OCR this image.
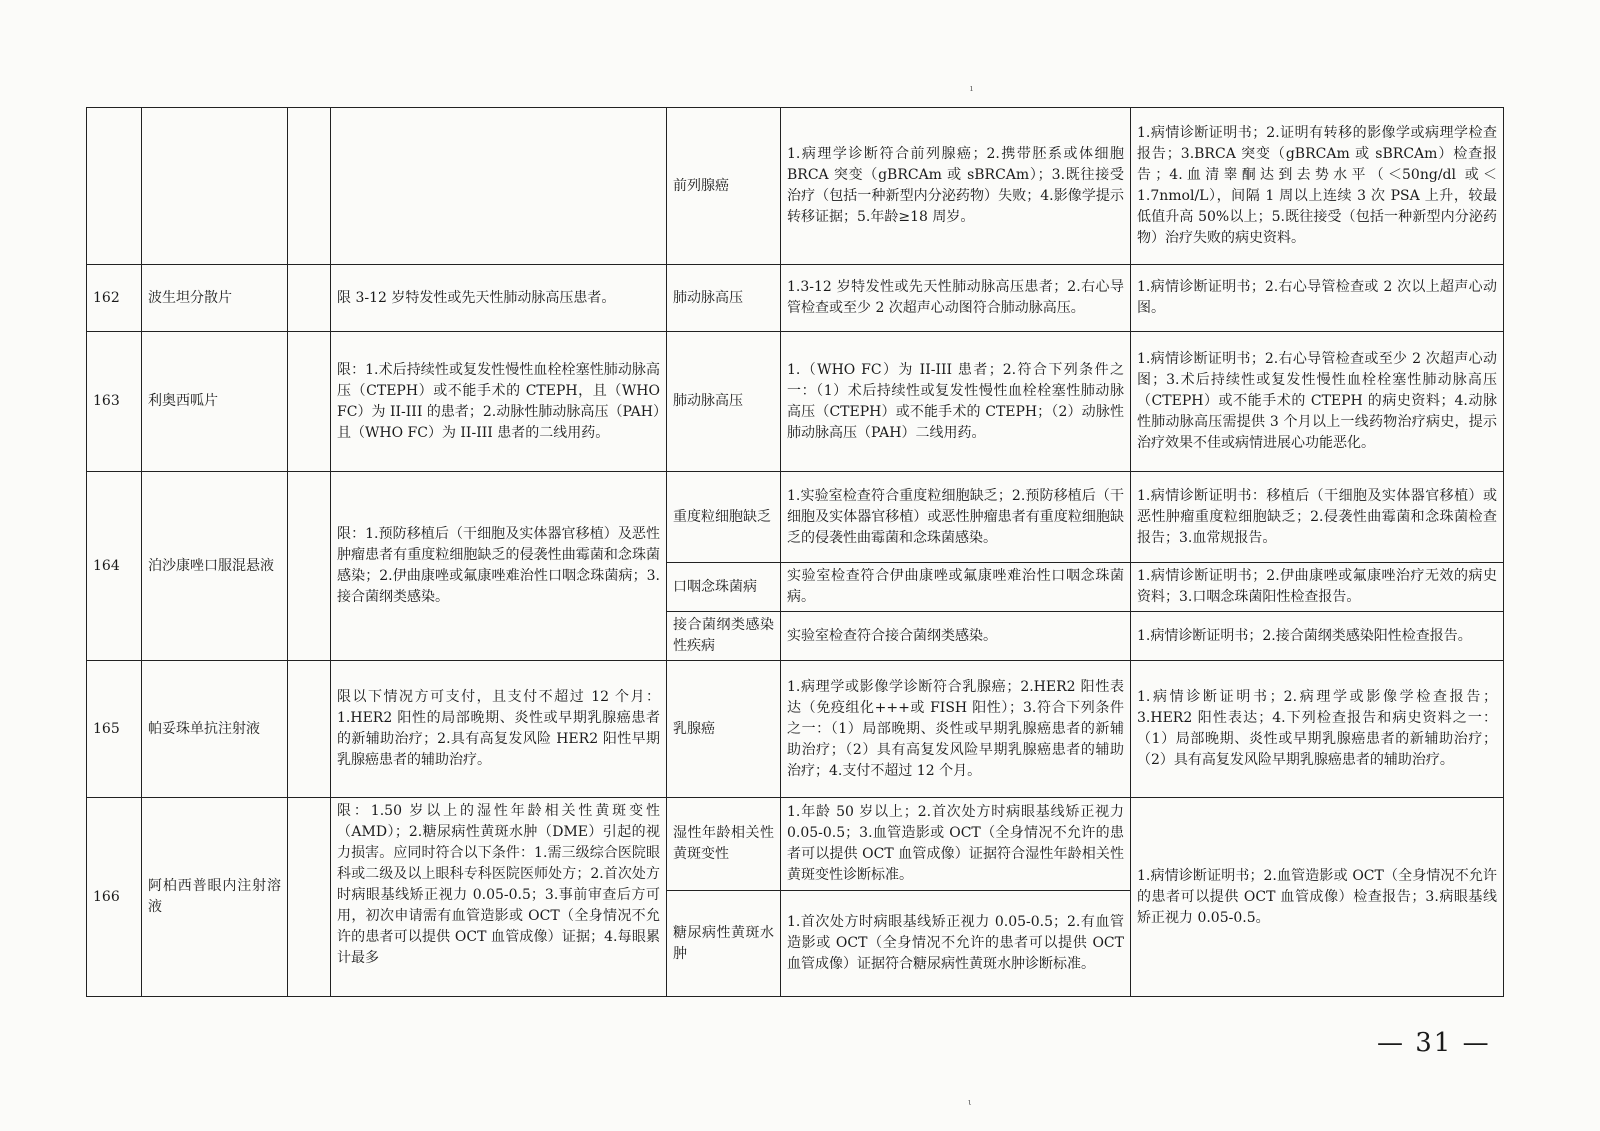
ı
				前列腺癌	1.病理学诊断符合前列腺癌；2.携带胚系或体细胞 BRCA 突变（gBRCAm 或 sBRCAm）；3.既往接受治疗（包括一种新型内分泌药物）失败；4.影像学提示转移证据；5.年龄≥18 周岁。	1.病情诊断证明书；2.证明有转移的影像学或病理学检查报告；3.BRCA 突变（gBRCAm 或 sBRCAm）检查报告；4.血清睾酮达到去势水平（＜50ng/dl 或＜1.7nmol/L），间隔 1 周以上连续 3 次 PSA 上升，较最低值升高 50%以上；5.既往接受（包括一种新型内分泌药物）治疗失败的病史资料。
162	波生坦分散片		限 3-12 岁特发性或先天性肺动脉高压患者。	肺动脉高压	1.3-12 岁特发性或先天性肺动脉高压患者；2.右心导管检查或至少 2 次超声心动图符合肺动脉高压。	1.病情诊断证明书；2.右心导管检查或 2 次以上超声心动图。
163	利奥西呱片		限：1.术后持续性或复发性慢性血栓栓塞性肺动脉高压（CTEPH）或不能手术的 CTEPH，且（WHO FC）为 II-III 的患者；2.动脉性肺动脉高压（PAH）且（WHO FC）为 II-III 患者的二线用药。	肺动脉高压	1.（WHO FC）为 II-III 患者；2.符合下列条件之一：（1）术后持续性或复发性慢性血栓栓塞性肺动脉高压（CTEPH）或不能手术的 CTEPH；（2）动脉性肺动脉高压（PAH）二线用药。	1.病情诊断证明书；2.右心导管检查或至少 2 次超声心动图；3.术后持续性或复发性慢性血栓栓塞性肺动脉高压（CTEPH）或不能手术的 CTEPH 的病史资料；4.动脉性肺动脉高压需提供 3 个月以上一线药物治疗病史，提示治疗效果不佳或病情进展心功能恶化。
164	泊沙康唑口服混悬液		限：1.预防移植后（干细胞及实体器官移植）及恶性肿瘤患者有重度粒细胞缺乏的侵袭性曲霉菌和念珠菌感染；2.伊曲康唑或氟康唑难治性口咽念珠菌病；3.接合菌纲类感染。	重度粒细胞缺乏	1.实验室检查符合重度粒细胞缺乏；2.预防移植后（干细胞及实体器官移植）或恶性肿瘤患者有重度粒细胞缺乏的侵袭性曲霉菌和念珠菌感染。	1.病情诊断证明书：移植后（干细胞及实体器官移植）或恶性肿瘤重度粒细胞缺乏；2.侵袭性曲霉菌和念珠菌检查报告；3.血常规报告。
				口咽念珠菌病	实验室检查符合伊曲康唑或氟康唑难治性口咽念珠菌病。	1.病情诊断证明书；2.伊曲康唑或氟康唑治疗无效的病史资料；3.口咽念珠菌阳性检查报告。
				接合菌纲类感染性疾病	实验室检查符合接合菌纲类感染。	1.病情诊断证明书；2.接合菌纲类感染阳性检查报告。
165	帕妥珠单抗注射液		限以下情况方可支付，且支付不超过 12 个月：1.HER2 阳性的局部晚期、炎性或早期乳腺癌患者的新辅助治疗；2.具有高复发风险 HER2 阳性早期乳腺癌患者的辅助治疗。	乳腺癌	1.病理学或影像学诊断符合乳腺癌；2.HER2 阳性表达（免疫组化+++或 FISH 阳性）；3.符合下列条件之一：（1）局部晚期、炎性或早期乳腺癌患者的新辅助治疗；（2）具有高复发风险早期乳腺癌患者的辅助治疗；4.支付不超过 12 个月。	1.病情诊断证明书；2.病理学或影像学检查报告；3.HER2 阳性表达；4.下列检查报告和病史资料之一：（1）局部晚期、炎性或早期乳腺癌患者的新辅助治疗；（2）具有高复发风险早期乳腺癌患者的辅助治疗。
166	阿柏西普眼内注射溶液		限：1.50 岁以上的湿性年龄相关性黄斑变性（AMD）；2.糖尿病性黄斑水肿（DME）引起的视力损害。应同时符合以下条件：1.需三级综合医院眼科或二级及以上眼科专科医院医师处方；2.首次处方时病眼基线矫正视力 0.05-0.5；3.事前审查后方可用，初次申请需有血管造影或 OCT（全身情况不允许的患者可以提供 OCT 血管成像）证据；4.每眼累计最多	湿性年龄相关性黄斑变性	1.年龄 50 岁以上；2.首次处方时病眼基线矫正视力 0.05-0.5；3.血管造影或 OCT（全身情况不允许的患者可以提供 OCT 血管成像）证据符合湿性年龄相关性黄斑变性诊断标准。	1.病情诊断证明书；2.血管造影或 OCT（全身情况不允许的患者可以提供 OCT 血管成像）检查报告；3.病眼基线矫正视力 0.05-0.5。
				糖尿病性黄斑水肿	1.首次处方时病眼基线矫正视力 0.05-0.5；2.有血管造影或 OCT（全身情况不允许的患者可以提供 OCT 血管成像）证据符合糖尿病性黄斑水肿诊断标准。	
— 31 —
ι
